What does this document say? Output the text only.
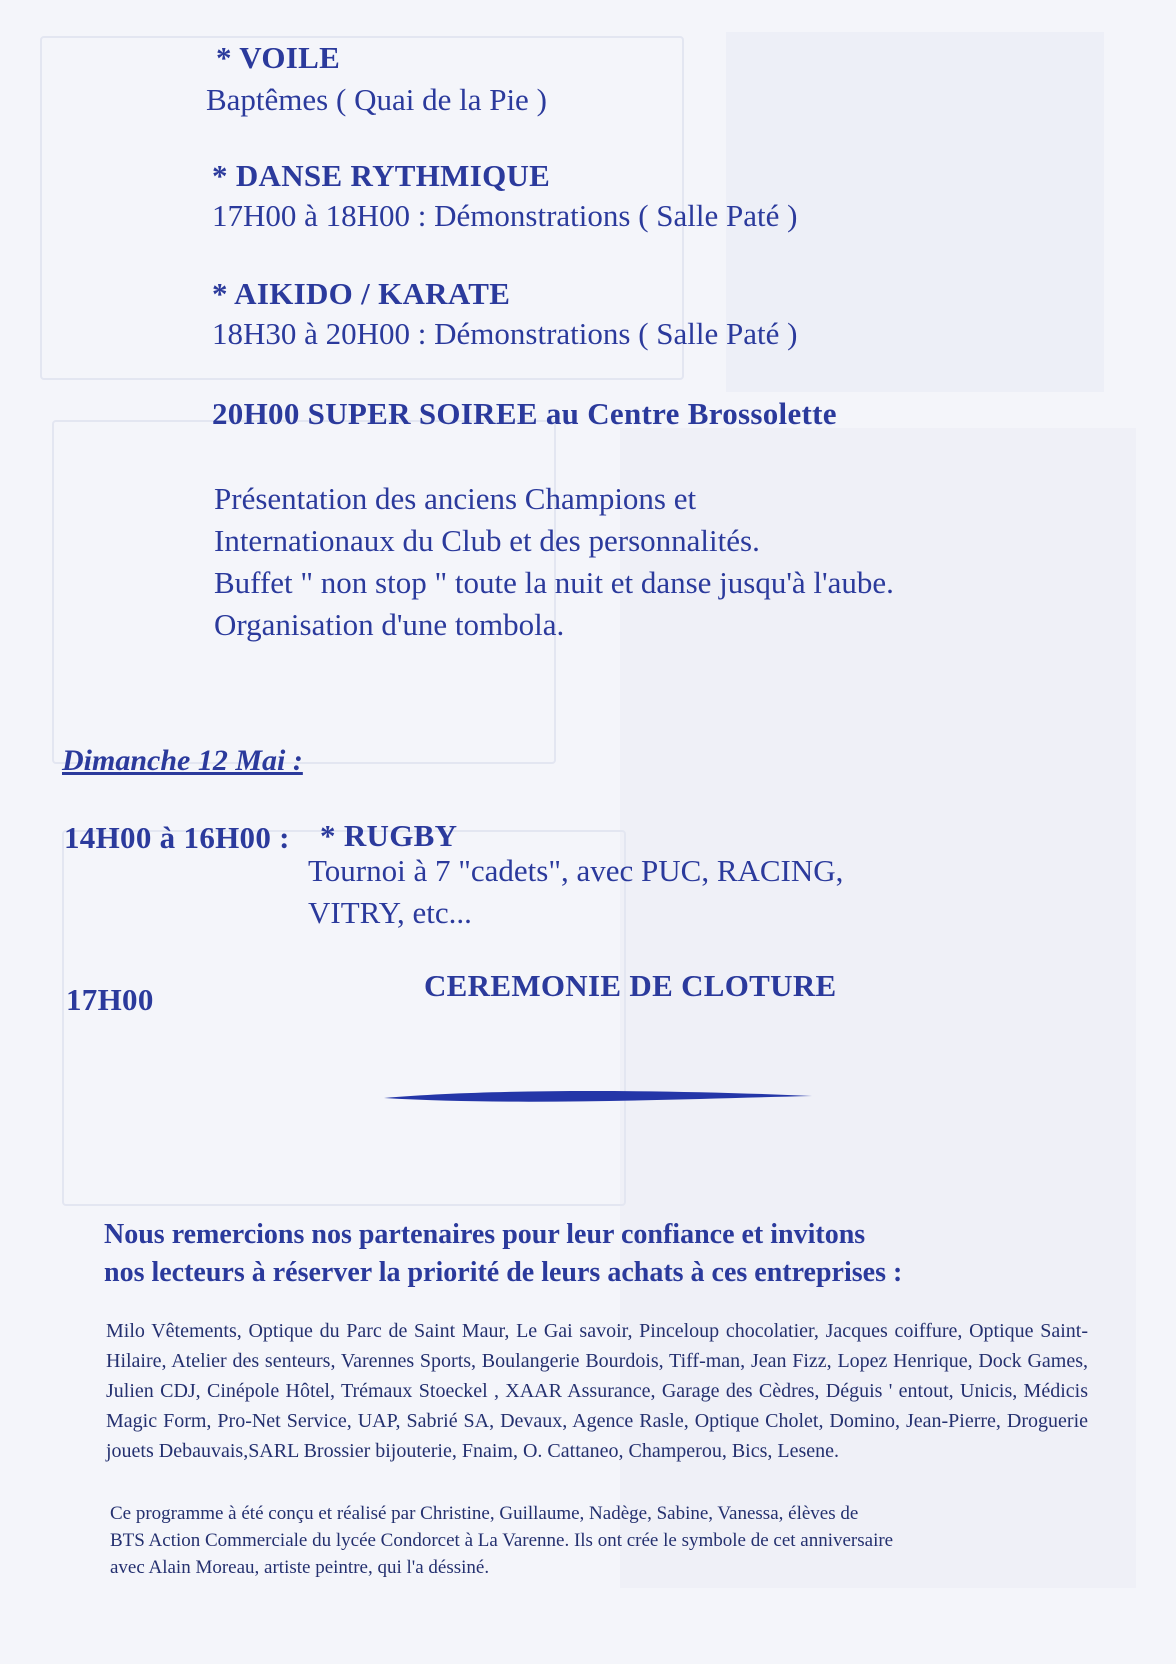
* VOILE
Baptêmes ( Quai de la Pie )
* DANSE RYTHMIQUE
17H00 à 18H00 : Démonstrations ( Salle Paté )
* AIKIDO / KARATE
18H30 à 20H00 : Démonstrations ( Salle Paté )
20H00 SUPER SOIREE au Centre Brossolette
Présentation des anciens Champions et
Internationaux du Club et des personnalités.
Buffet " non stop " toute la nuit et danse jusqu'à l'aube.
Organisation d'une tombola.
Dimanche 12 Mai :
14H00 à 16H00 : * RUGBY
Tournoi à 7 "cadets", avec PUC, RACING,
VITRY, etc...
17H00	CEREMONIE DE CLOTURE
Nous remercions nos partenaires pour leur confiance et invitons
nos lecteurs à réserver la priorité de leurs achats à ces entreprises :
Milo Vêtements, Optique du Parc de Saint Maur, Le Gai savoir, Pinceloup chocolatier, Jacques coiffure, Optique Saint-Hilaire, Atelier des senteurs, Varennes Sports, Boulangerie Bourdois, Tiff-man, Jean Fizz, Lopez Henrique, Dock Games, Julien CDJ, Cinépole Hôtel, Trémaux Stoeckel , XAAR Assurance, Garage des Cèdres, Déguis ' entout, Unicis, Médicis Magic Form, Pro-Net Service, UAP, Sabrié SA, Devaux, Agence Rasle, Optique Cholet, Domino, Jean-Pierre, Droguerie jouets Debauvais,SARL Brossier bijouterie, Fnaim, O. Cattaneo, Champerou, Bics, Lesene.
Ce programme à été conçu et réalisé par Christine, Guillaume, Nadège, Sabine, Vanessa, élèves de
BTS Action Commerciale du lycée Condorcet à La Varenne. Ils ont crée le symbole de cet anniversaire
avec Alain Moreau, artiste peintre, qui l'a déssiné.
